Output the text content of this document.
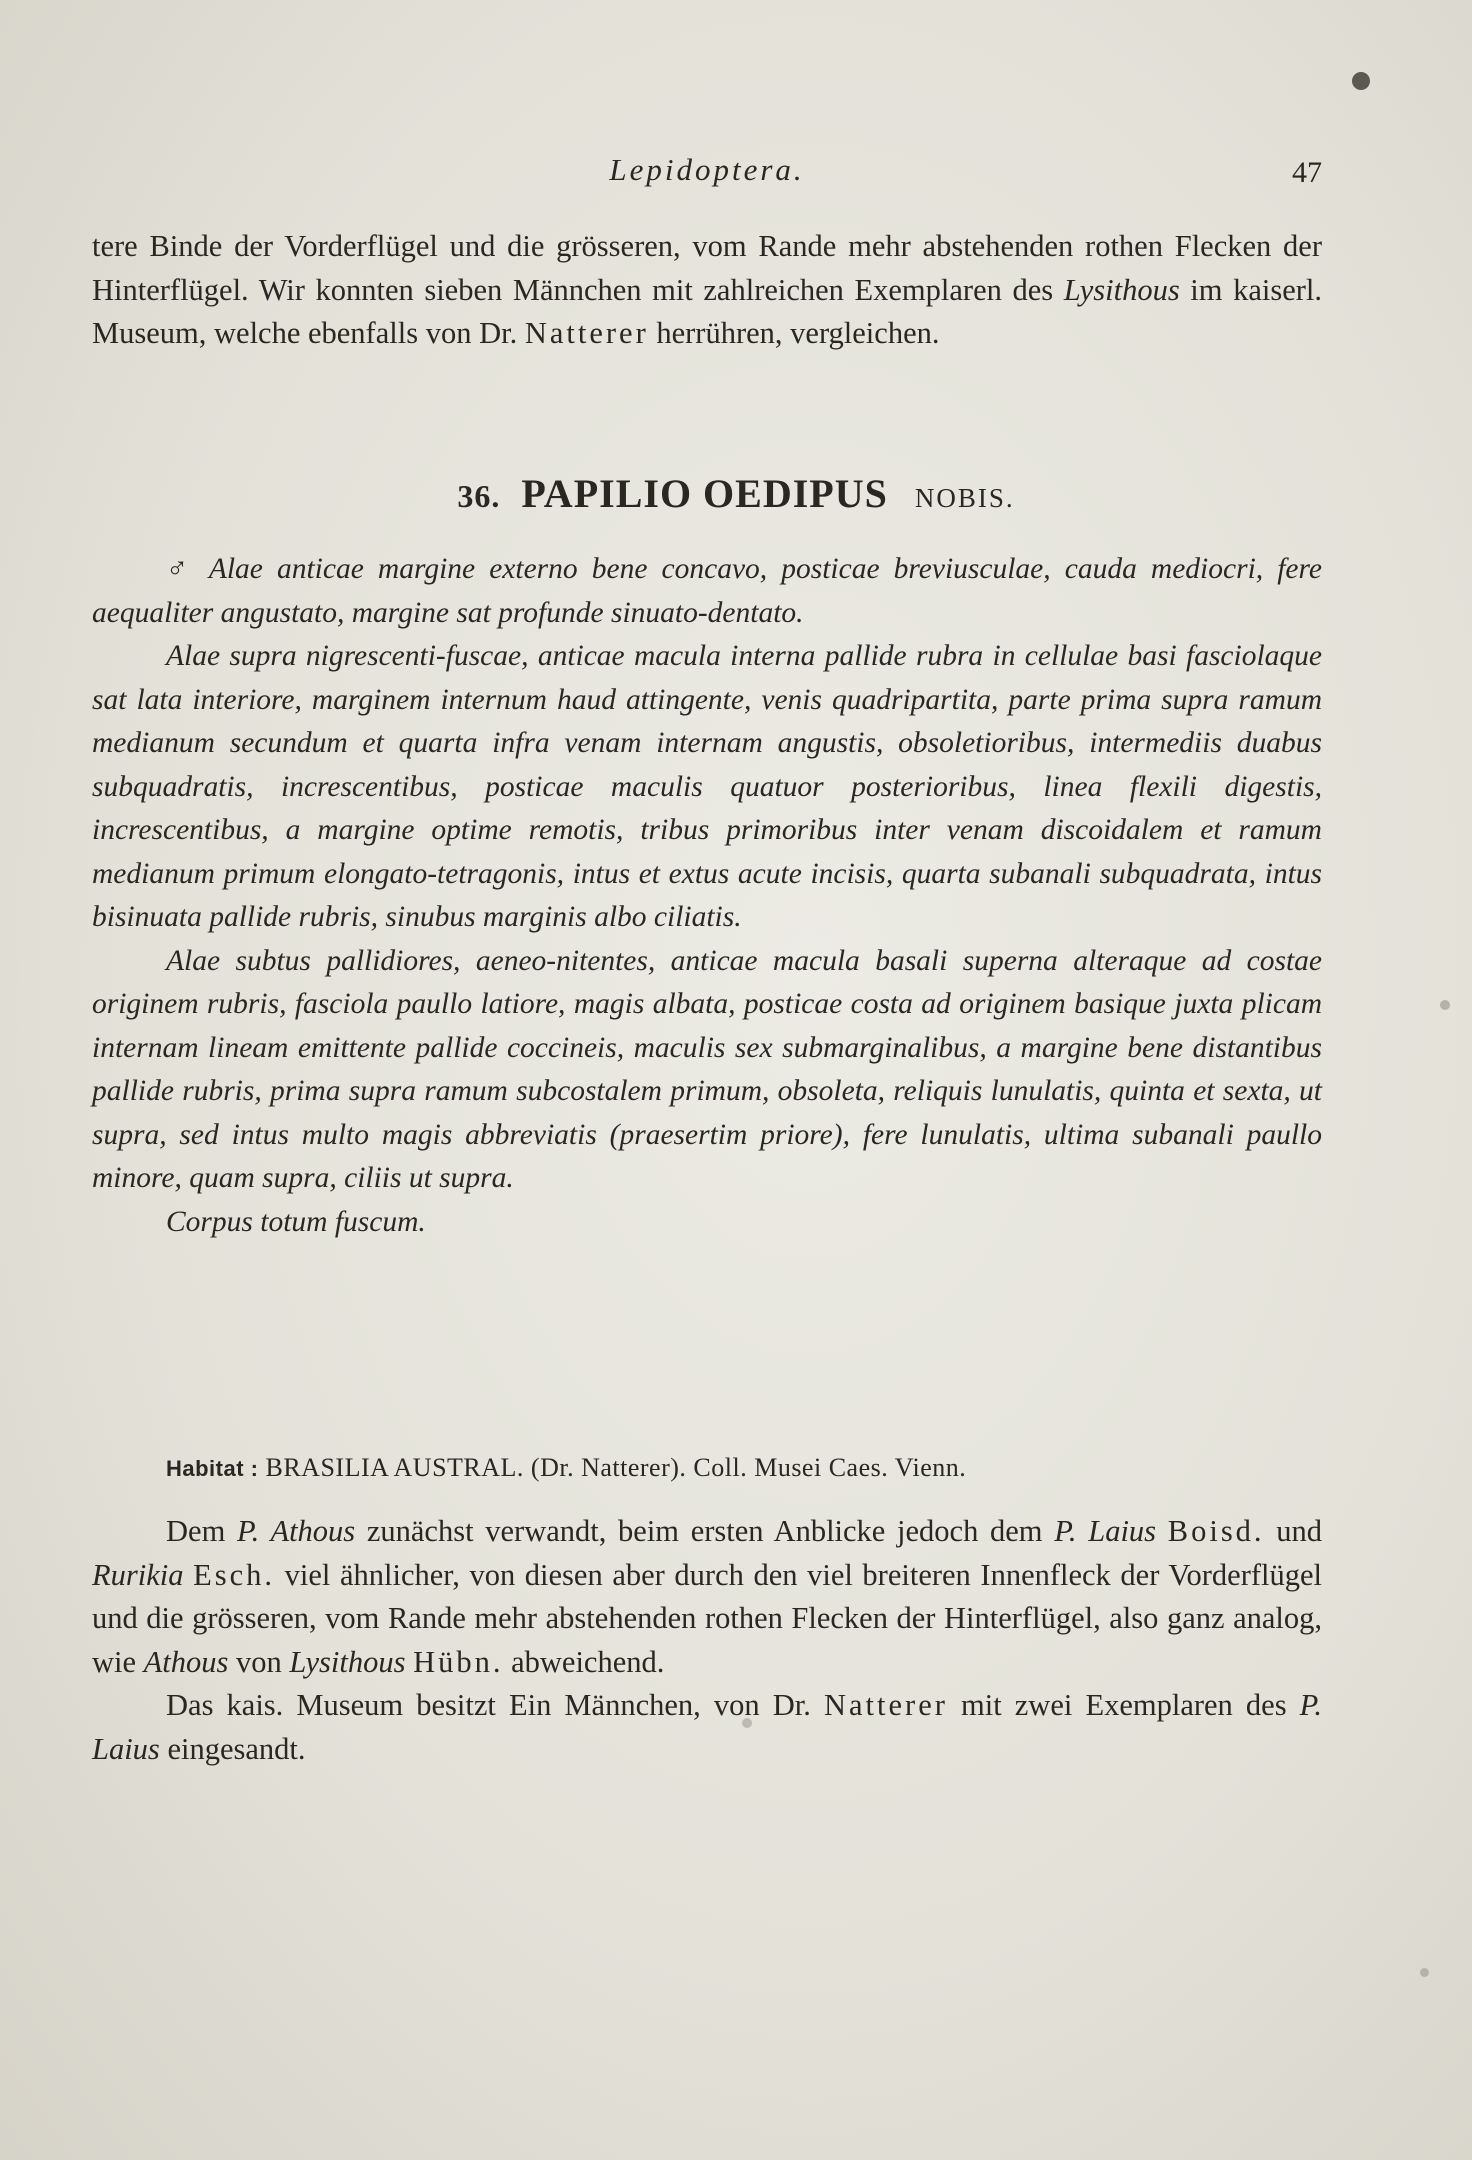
Lepidoptera.	47

tere Binde der Vorderflügel und die grösseren, vom Rande mehr abstehenden rothen Flecken der Hinterflügel. Wir konnten sieben Männchen mit zahlreichen Exemplaren des Lysithous im kaiserl. Museum, welche ebenfalls von Dr. Natterer herrühren, vergleichen.

36. PAPILIO OEDIPUS NOBIS.

♂ Alae anticae margine externo bene concavo, posticae breviusculae, cauda mediocri, fere aequaliter angustato, margine sat profunde sinuato-dentato.

Alae supra nigrescenti-fuscae, anticae macula interna pallide rubra in cellulae basi fasciolaque sat lata interiore, marginem internum haud attingente, venis quadripartita, parte prima supra ramum medianum secundum et quarta infra venam internam angustis, obsoletioribus, intermediis duabus subquadratis, increscentibus, posticae maculis quatuor posterioribus, linea flexili digestis, increscentibus, a margine optime remotis, tribus primoribus inter venam discoidalem et ramum medianum primum elongato-tetragonis, intus et extus acute incisis, quarta subanali subquadrata, intus bisinuata pallide rubris, sinubus marginis albo ciliatis.

Alae subtus pallidiores, aeneo-nitentes, anticae macula basali superna alteraque ad costae originem rubris, fasciola paullo latiore, magis albata, posticae costa ad originem basique juxta plicam internam lineam emittente pallide coccineis, maculis sex submarginalibus, a margine bene distantibus pallide rubris, prima supra ramum subcostalem primum, obsoleta, reliquis lunulatis, quinta et sexta, ut supra, sed intus multo magis abbreviatis (praesertim priore), fere lunulatis, ultima subanali paullo minore, quam supra, ciliis ut supra.

Corpus totum fuscum.

Habitat : BRASILIA AUSTRAL. (Dr. Natterer). Coll. Musei Caes. Vienn.

Dem P. Athous zunächst verwandt, beim ersten Anblicke jedoch dem P. Laius Boisd. und Rurikia Esch. viel ähnlicher, von diesen aber durch den viel breiteren Innenfleck der Vorderflügel und die grösseren, vom Rande mehr abstehenden rothen Flecken der Hinterflügel, also ganz analog, wie Athous von Lysithous Hübn. abweichend.

Das kais. Museum besitzt Ein Männchen, von Dr. Natterer mit zwei Exemplaren des P. Laius eingesandt.
